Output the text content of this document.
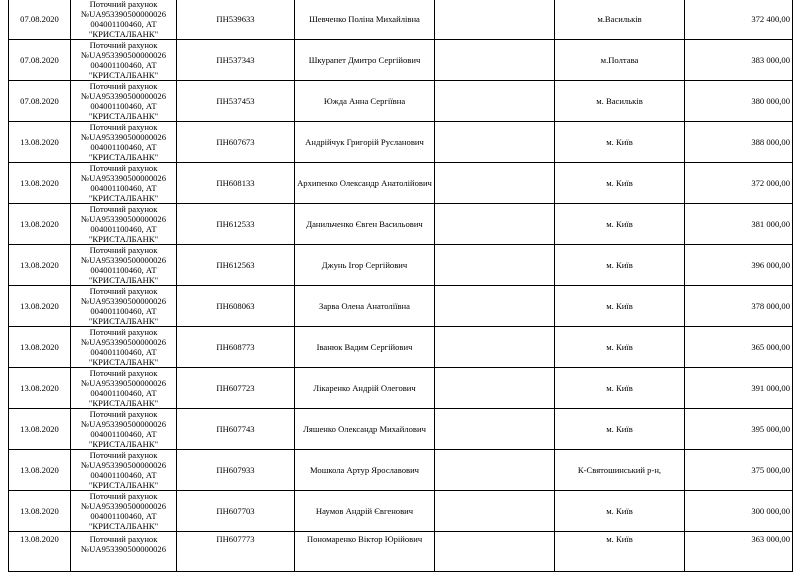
07.08.2020	Поточний рахунок
№UA953390500000026
004001100460, АТ
"КРИСТАЛБАНК"	ПН539633	Шевченко Поліна Михайлівна		м.Васильків	372 400,00
07.08.2020	Поточний рахунок
№UA953390500000026
004001100460, АТ
"КРИСТАЛБАНК"	ПН537343	Шкурапет Дмитро Сергійович		м.Полтава	383 000,00
07.08.2020	Поточний рахунок
№UA953390500000026
004001100460, АТ
"КРИСТАЛБАНК"	ПН537453	Южда Анна Сергіївна		м. Васильків	380 000,00
13.08.2020	Поточний рахунок
№UA953390500000026
004001100460, АТ
"КРИСТАЛБАНК"	ПН607673	Андрійчук Григорій Русланович		м. Київ	388 000,00
13.08.2020	Поточний рахунок
№UA953390500000026
004001100460, АТ
"КРИСТАЛБАНК"	ПН608133	Архипенко Олександр Анатолійович		м. Київ	372 000,00
13.08.2020	Поточний рахунок
№UA953390500000026
004001100460, АТ
"КРИСТАЛБАНК"	ПН612533	Данильченко Євген Васильович		м. Київ	381 000,00
13.08.2020	Поточний рахунок
№UA953390500000026
004001100460, АТ
"КРИСТАЛБАНК"	ПН612563	Джунь Ігор Сергійович		м. Київ	396 000,00
13.08.2020	Поточний рахунок
№UA953390500000026
004001100460, АТ
"КРИСТАЛБАНК"	ПН608063	Зарва Олена Анатоліївна		м. Київ	378 000,00
13.08.2020	Поточний рахунок
№UA953390500000026
004001100460, АТ
"КРИСТАЛБАНК"	ПН608773	Іванюк Вадим Сергійович		м. Київ	365 000,00
13.08.2020	Поточний рахунок
№UA953390500000026
004001100460, АТ
"КРИСТАЛБАНК"	ПН607723	Лікаренко Андрій Олегович		м. Київ	391 000,00
13.08.2020	Поточний рахунок
№UA953390500000026
004001100460, АТ
"КРИСТАЛБАНК"	ПН607743	Ляшенко Олександр Михайлович		м. Київ	395 000,00
13.08.2020	Поточний рахунок
№UA953390500000026
004001100460, АТ
"КРИСТАЛБАНК"	ПН607933	Мошкола Артур Ярославович		К-Святошинський р-н,	375 000,00
13.08.2020	Поточний рахунок
№UA953390500000026
004001100460, АТ
"КРИСТАЛБАНК"	ПН607703	Наумов Андрій Євгенович		м. Київ	300 000,00
13.08.2020	Поточний рахунок
№UA953390500000026	ПН607773	Пономаренко Віктор Юрійович		м. Київ	363 000,00
